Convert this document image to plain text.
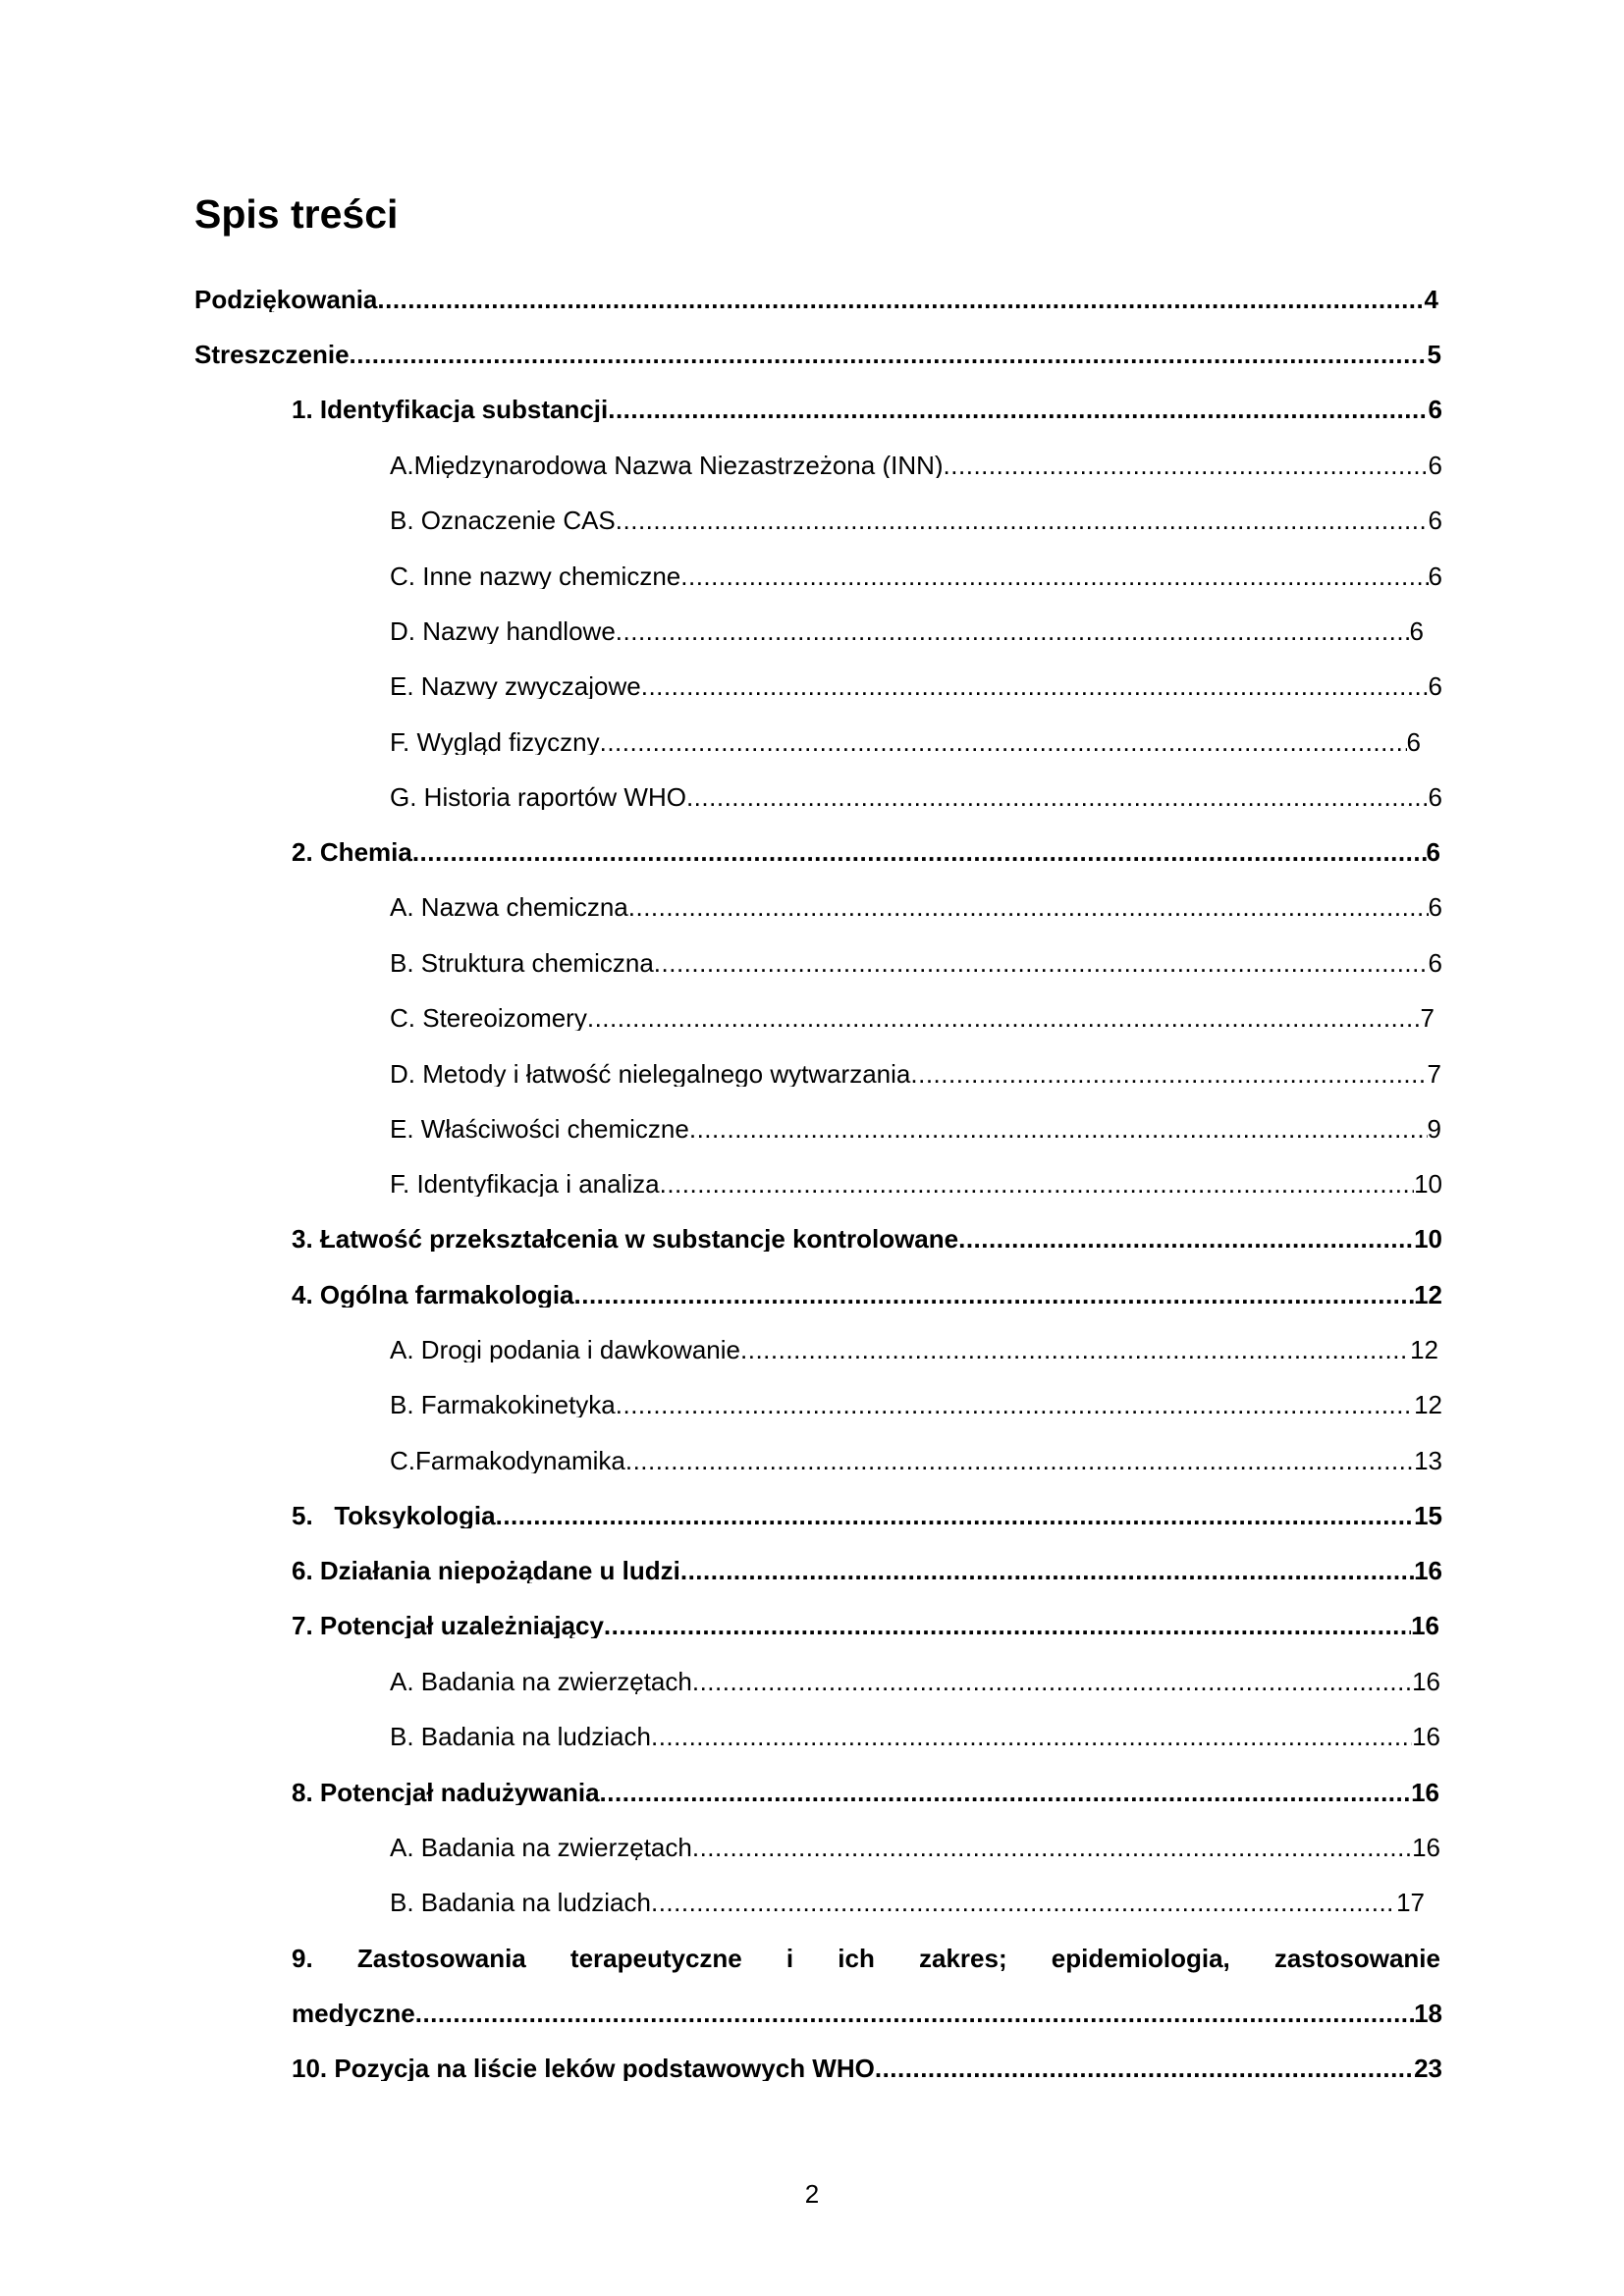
Spis treści
Podziękowania .....	4
Streszczenie .....	5
1. Identyfikacja substancji .....	6
A.Międzynarodowa Nazwa Niezastrzeżona (INN) .....	6
B. Oznaczenie CAS .....	6
C. Inne nazwy chemiczne .....	6
D. Nazwy handlowe .....	6
E. Nazwy zwyczajowe .....	6
F. Wygląd fizyczny .....	6
G. Historia raportów WHO .....	6
2. Chemia .....	6
A. Nazwa chemiczna .....	6
B. Struktura chemiczna .....	6
C. Stereoizomery .....	7
D. Metody i łatwość nielegalnego wytwarzania .....	7
E. Właściwości chemiczne .....	9
F. Identyfikacja i analiza .....	10
3. Łatwość przekształcenia w substancje kontrolowane .....	10
4. Ogólna farmakologia .....	12
A. Drogi podania i dawkowanie .....	12
B. Farmakokinetyka .....	12
C.Farmakodynamika .....	13
5.   Toksykologia .....	15
6. Działania niepożądane u ludzi .....	16
7. Potencjał uzależniający .....	16
A. Badania na zwierzętach .....	16
B. Badania na ludziach .....	16
8. Potencjał nadużywania .....	16
A. Badania na zwierzętach .....	16
B. Badania na ludziach .....	17
9. Zastosowania terapeutyczne i ich zakres; epidemiologia, zastosowanie
medyczne .....	18
10. Pozycja na liście leków podstawowych WHO .....	23
2
